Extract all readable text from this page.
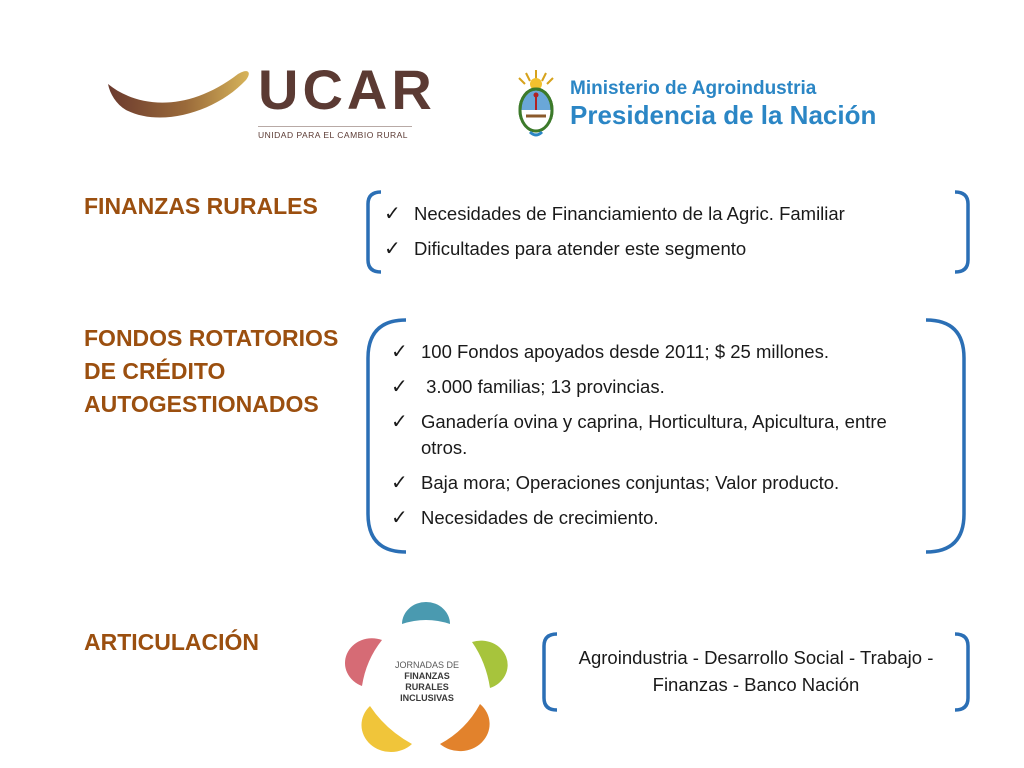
UCAR
UNIDAD PARA EL CAMBIO RURAL
Ministerio de Agroindustria
Presidencia de la Nación
FINANZAS RURALES	✓ Necesidades de Financiamiento de la Agric. Familiar
✓ Dificultades para atender este segmento
FONDOS ROTATORIOS
DE CRÉDITO
AUTOGESTIONADOS
✓ 100 Fondos apoyados desde 2011; $ 25 millones.
✓ 3.000 familias; 13 provincias.
✓ Ganadería ovina y caprina, Horticultura, Apicultura, entre otros.
✓ Baja mora; Operaciones conjuntas; Valor producto.
✓ Necesidades de crecimiento.
ARTICULACIÓN
JORNADAS DE
FINANZAS
RURALES
INCLUSIVAS
Agroindustria - Desarrollo Social - Trabajo - Finanzas - Banco Nación
